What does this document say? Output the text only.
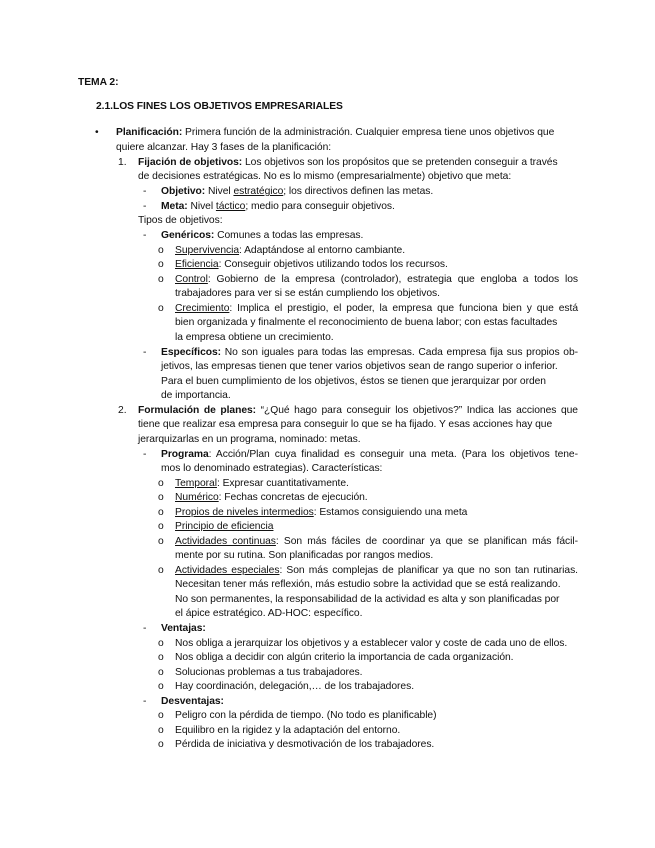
TEMA 2:
2.1.LOS FINES LOS OBJETIVOS EMPRESARIALES
• Planificación: Primera función de la administración. Cualquier empresa tiene unos objetivos que
quiere alcanzar. Hay 3 fases de la planificación:
1. Fijación de objetivos: Los objetivos son los propósitos que se pretenden conseguir a través
de decisiones estratégicas. No es lo mismo (empresarialmente) objetivo que meta:
- Objetivo: Nivel estratégico; los directivos definen las metas.
- Meta: Nivel táctico; medio para conseguir objetivos.
Tipos de objetivos:
- Genéricos: Comunes a todas las empresas.
o Supervivencia: Adaptándose al entorno cambiante.
o Eficiencia: Conseguir objetivos utilizando todos los recursos.
o Control: Gobierno de la empresa (controlador), estrategia que engloba a todos los
trabajadores para ver si se están cumpliendo los objetivos.
o Crecimiento: Implica el prestigio, el poder, la empresa que funciona bien y que está
bien organizada y finalmente el reconocimiento de buena labor; con estas facultades
la empresa obtiene un crecimiento.
- Específicos: No son iguales para todas las empresas. Cada empresa fija sus propios ob-
jetivos, las empresas tienen que tener varios objetivos sean de rango superior o inferior.
Para el buen cumplimiento de los objetivos, éstos se tienen que jerarquizar por orden
de importancia.
2. Formulación de planes: “¿Qué hago para conseguir los objetivos?” Indica las acciones que
tiene que realizar esa empresa para conseguir lo que se ha fijado. Y esas acciones hay que
jerarquizarlas en un programa, nominado: metas.
- Programa: Acción/Plan cuya finalidad es conseguir una meta. (Para los objetivos tene-
mos lo denominado estrategias). Características:
o Temporal: Expresar cuantitativamente.
o Numérico: Fechas concretas de ejecución.
o Propios de niveles intermedios: Estamos consiguiendo una meta
o Principio de eficiencia
o Actividades continuas: Son más fáciles de coordinar ya que se planifican más fácil-
mente por su rutina. Son planificadas por rangos medios.
o Actividades especiales: Son más complejas de planificar ya que no son tan rutinarias.
Necesitan tener más reflexión, más estudio sobre la actividad que se está realizando.
No son permanentes, la responsabilidad de la actividad es alta y son planificadas por
el ápice estratégico. AD-HOC: específico.
- Ventajas:
o Nos obliga a jerarquizar los objetivos y a establecer valor y coste de cada uno de ellos.
o Nos obliga a decidir con algún criterio la importancia de cada organización.
o Solucionas problemas a tus trabajadores.
o Hay coordinación, delegación,… de los trabajadores.
- Desventajas:
o Peligro con la pérdida de tiempo. (No todo es planificable)
o Equilibro en la rigidez y la adaptación del entorno.
o Pérdida de iniciativa y desmotivación de los trabajadores.
